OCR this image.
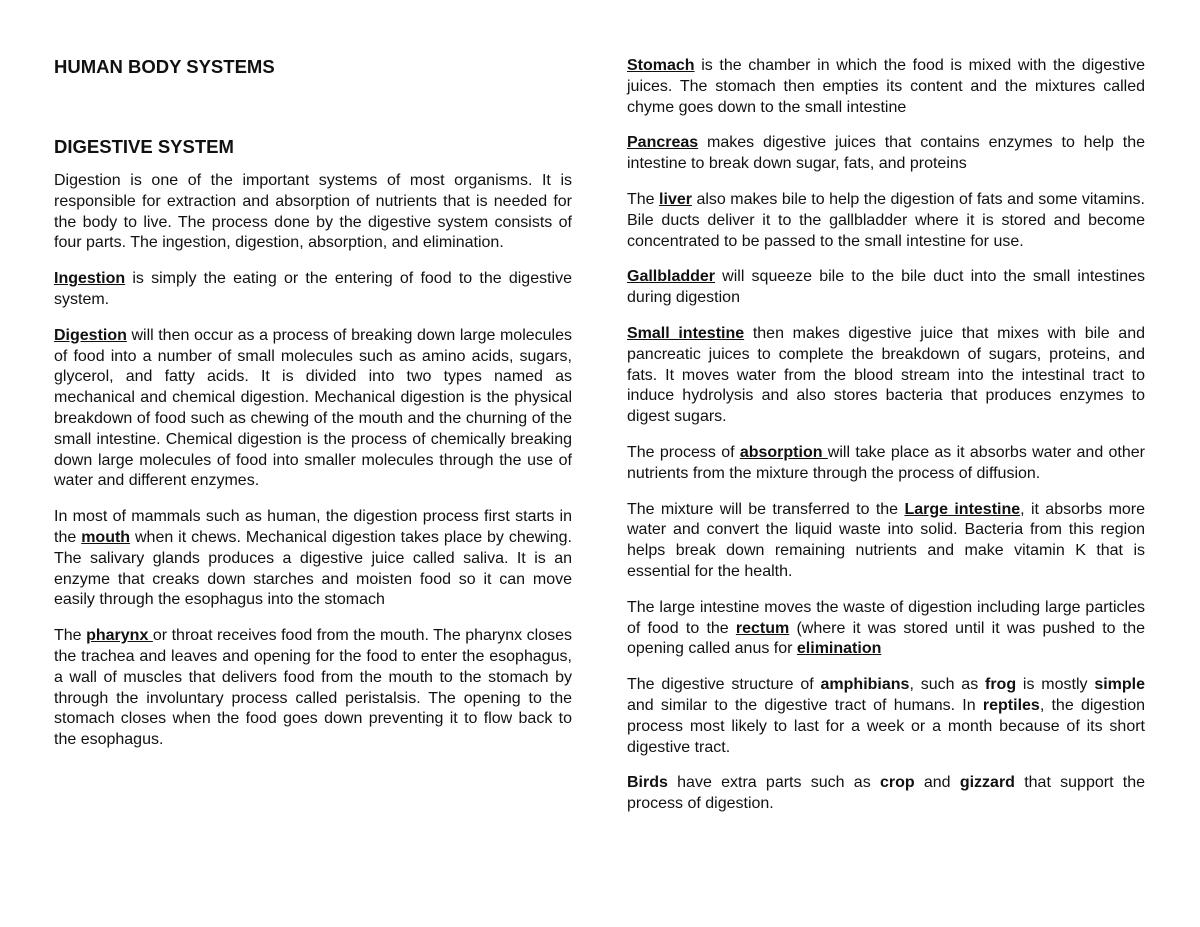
HUMAN BODY SYSTEMS
DIGESTIVE SYSTEM

Digestion is one of the important systems of most organisms. It is responsible for extraction and absorption of nutrients that is needed for the body to live. The process done by the digestive system consists of four parts. The ingestion, digestion, absorption, and elimination.

Ingestion is simply the eating or the entering of food to the digestive system.

Digestion will then occur as a process of breaking down large molecules of food into a number of small molecules such as amino acids, sugars, glycerol, and fatty acids. It is divided into two types named as mechanical and chemical digestion. Mechanical digestion is the physical breakdown of food such as chewing of the mouth and the churning of the small intestine. Chemical digestion is the process of chemically breaking down large molecules of food into smaller molecules through the use of water and different enzymes.

In most of mammals such as human, the digestion process first starts in the mouth when it chews. Mechanical digestion takes place by chewing. The salivary glands produces a digestive juice called saliva. It is an enzyme that creaks down starches and moisten food so it can move easily through the esophagus into the stomach

The pharynx or throat receives food from the mouth. The pharynx closes the trachea and leaves and opening for the food to enter the esophagus, a wall of muscles that delivers food from the mouth to the stomach by through the involuntary process called peristalsis. The opening to the stomach closes when the food goes down preventing it to flow back to the esophagus.

Stomach is the chamber in which the food is mixed with the digestive juices. The stomach then empties its content and the mixtures called chyme goes down to the small intestine

Pancreas makes digestive juices that contains enzymes to help the intestine to break down sugar, fats, and proteins

The liver also makes bile to help the digestion of fats and some vitamins. Bile ducts deliver it to the gallbladder where it is stored and become concentrated to be passed to the small intestine for use.

Gallbladder will squeeze bile to the bile duct into the small intestines during digestion

Small intestine then makes digestive juice that mixes with bile and pancreatic juices to complete the breakdown of sugars, proteins, and fats. It moves water from the blood stream into the intestinal tract to induce hydrolysis and also stores bacteria that produces enzymes to digest sugars.

The process of absorption will take place as it absorbs water and other nutrients from the mixture through the process of diffusion.

The mixture will be transferred to the Large intestine, it absorbs more water and convert the liquid waste into solid. Bacteria from this region helps break down remaining nutrients and make vitamin K that is essential for the health.

The large intestine moves the waste of digestion including large particles of food to the rectum (where it was stored until it was pushed to the opening called anus for elimination

The digestive structure of amphibians, such as frog is mostly simple and similar to the digestive tract of humans. In reptiles, the digestion process most likely to last for a week or a month because of its short digestive tract.

Birds have extra parts such as crop and gizzard that support the process of digestion.
